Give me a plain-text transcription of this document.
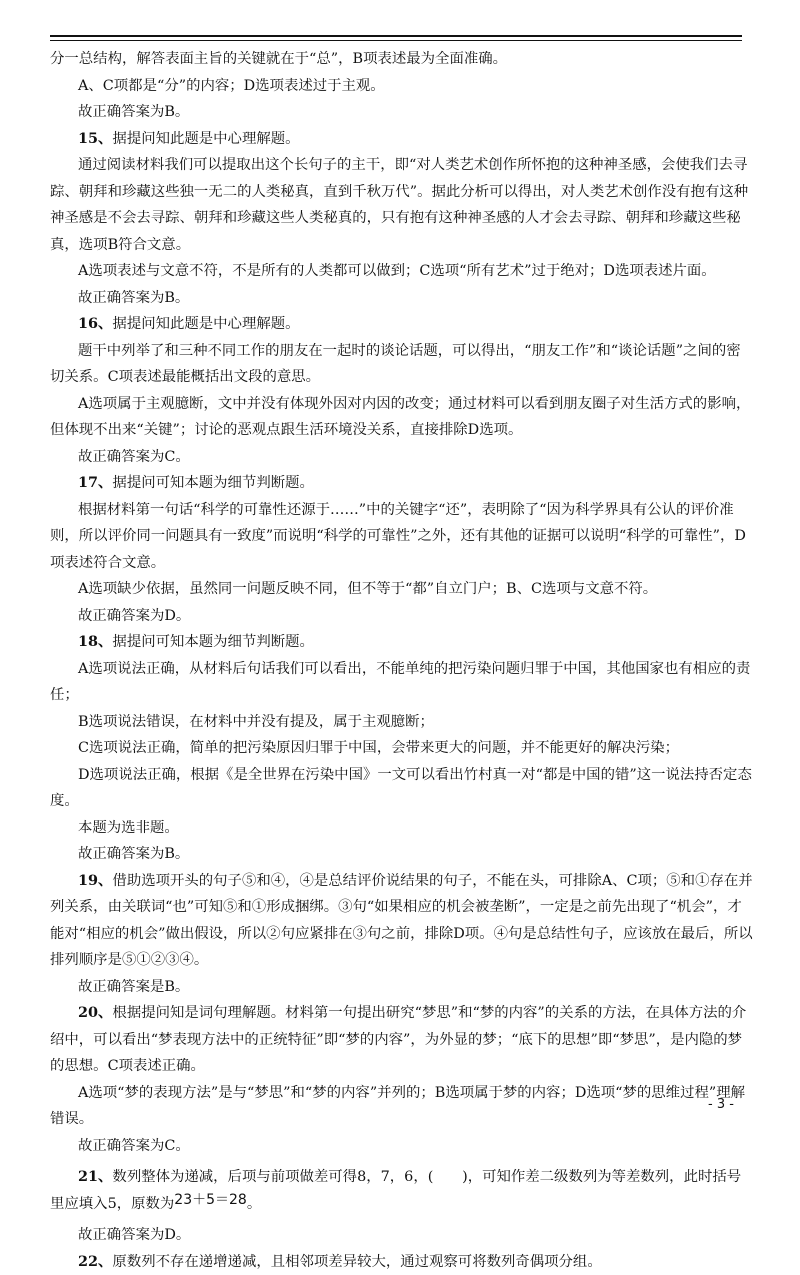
分一总结构，解答表面主旨的关键就在于“总”，B项表述最为全面准确。

A、C项都是“分”的内容；D选项表述过于主观。

故正确答案为B。

15、据提问知此题是中心理解题。

通过阅读材料我们可以提取出这个长句子的主干，即“对人类艺术创作所怀抱的这种神圣感，会使我们去寻踪、朝拜和珍藏这些独一无二的人类秘真，直到千秋万代”。据此分析可以得出，对人类艺术创作没有抱有这种神圣感是不会去寻踪、朝拜和珍藏这些人类秘真的，只有抱有这种神圣感的人才会去寻踪、朝拜和珍藏这些秘真，选项B符合文意。

A选项表述与文意不符，不是所有的人类都可以做到；C选项“所有艺术”过于绝对；D选项表述片面。

故正确答案为B。

16、据提问知此题是中心理解题。

题干中列举了和三种不同工作的朋友在一起时的谈论话题，可以得出，“朋友工作”和“谈论话题”之间的密切关系。C项表述最能概括出文段的意思。

A选项属于主观臆断，文中并没有体现外因对内因的改变；通过材料可以看到朋友圈子对生活方式的影响，但体现不出来“关键”；讨论的恶观点跟生活环境没关系，直接排除D选项。

故正确答案为C。

17、据提问可知本题为细节判断题。

根据材料第一句话“科学的可靠性还源于……”中的关键字“还”，表明除了“因为科学界具有公认的评价准则，所以评价同一问题具有一致度”而说明“科学的可靠性”之外，还有其他的证据可以说明“科学的可靠性”，D项表述符合文意。

A选项缺少依据，虽然同一问题反映不同，但不等于“都”自立门户；B、C选项与文意不符。

故正确答案为D。

18、据提问可知本题为细节判断题。

A选项说法正确，从材料后句话我们可以看出，不能单纯的把污染问题归罪于中国，其他国家也有相应的责任；

B选项说法错误，在材料中并没有提及，属于主观臆断；

C选项说法正确，简单的把污染原因归罪于中国，会带来更大的问题，并不能更好的解决污染；

D选项说法正确，根据《是全世界在污染中国》一文可以看出竹村真一对“都是中国的错”这一说法持否定态度。

本题为选非题。

故正确答案为B。

19、借助选项开头的句子⑤和④，④是总结评价说结果的句子，不能在头，可排除A、C项；⑤和①存在并列关系，由关联词“也”可知⑤和①形成捆绑。③句“如果相应的机会被垄断”，一定是之前先出现了“机会”，才能对“相应的机会”做出假设，所以②句应紧排在③句之前，排除D项。④句是总结性句子，应该放在最后，所以排列顺序是⑤①②③④。

故正确答案是B。

20、根据提问知是词句理解题。材料第一句提出研究“梦思”和“梦的内容”的关系的方法，在具体方法的介绍中，可以看出“梦表现方法中的正统特征”即“梦的内容”，为外显的梦；“底下的思想”即“梦思”，是内隐的梦的思想。C项表述正确。

A选项“梦的表现方法”是与“梦思”和“梦的内容”并列的；B选项属于梦的内容；D选项“梦的思维过程”理解错误。

故正确答案为C。

21、数列整体为递减，后项与前项做差可得8，7，6，(　　)，可知作差二级数列为等差数列，此时括号里应填入5，原数为23＋5＝28。

故正确答案为D。

22、原数列不存在递增递减，且相邻项差异较大，通过观察可将数列奇偶项分组。

- 3 -
